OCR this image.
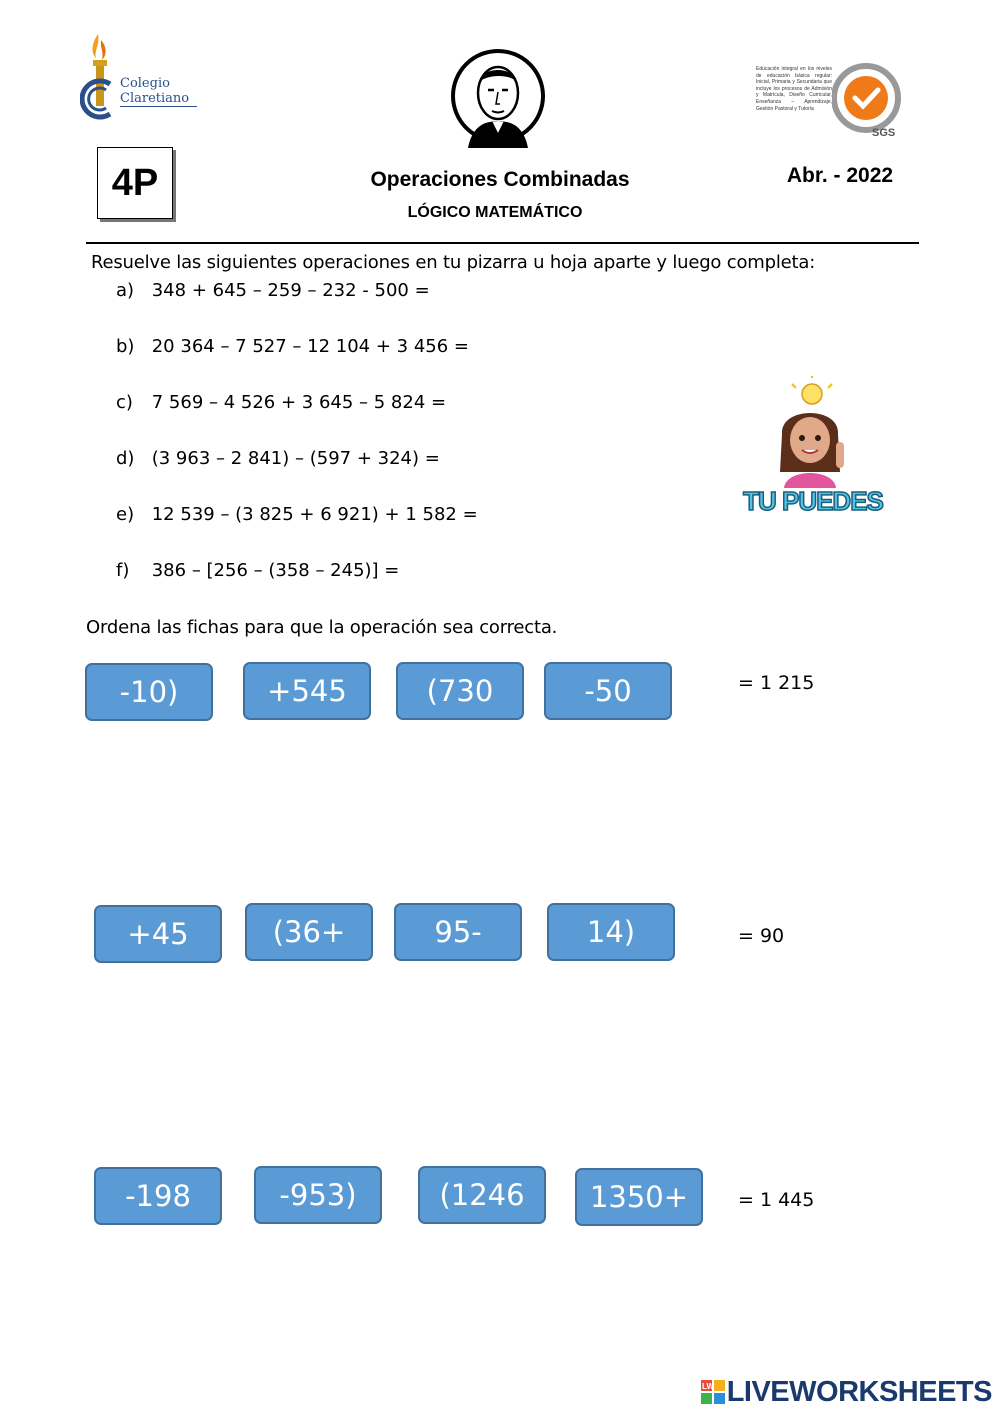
Colegio
Claretiano
Educación integral en los niveles de educación básica regular: Inicial, Primaria y Secundaria que incluye los procesos de Admisión y Matrícula, Diseño Curricular, Enseñanza – Aprendizaje, Gestión Pastoral y Tutoría
SGS
4P	Operaciones Combinadas
LÓGICO MATEMÁTICO
Abr. - 2022
Resuelve las siguientes operaciones en tu pizarra u hoja aparte y luego completa:
a) 348 + 645 – 259 – 232 - 500 =
b) 20 364 – 7 527 – 12 104 + 3 456 =
c) 7 569 – 4 526 + 3 645 – 5 824 =
d) (3 963 – 2 841) – (597 + 324) =
e) 12 539 – (3 825 + 6 921) + 1 582 =
f) 386 – [256 – (358 – 245)] =
TU PUEDES
Ordena las fichas para que la operación sea correcta.
-10)	+545	(730	-50	= 1 215
+45	(36+	95-	14)	= 90
-198	-953)	(1246	1350+	= 1 445
LW LIVEWORKSHEETS
